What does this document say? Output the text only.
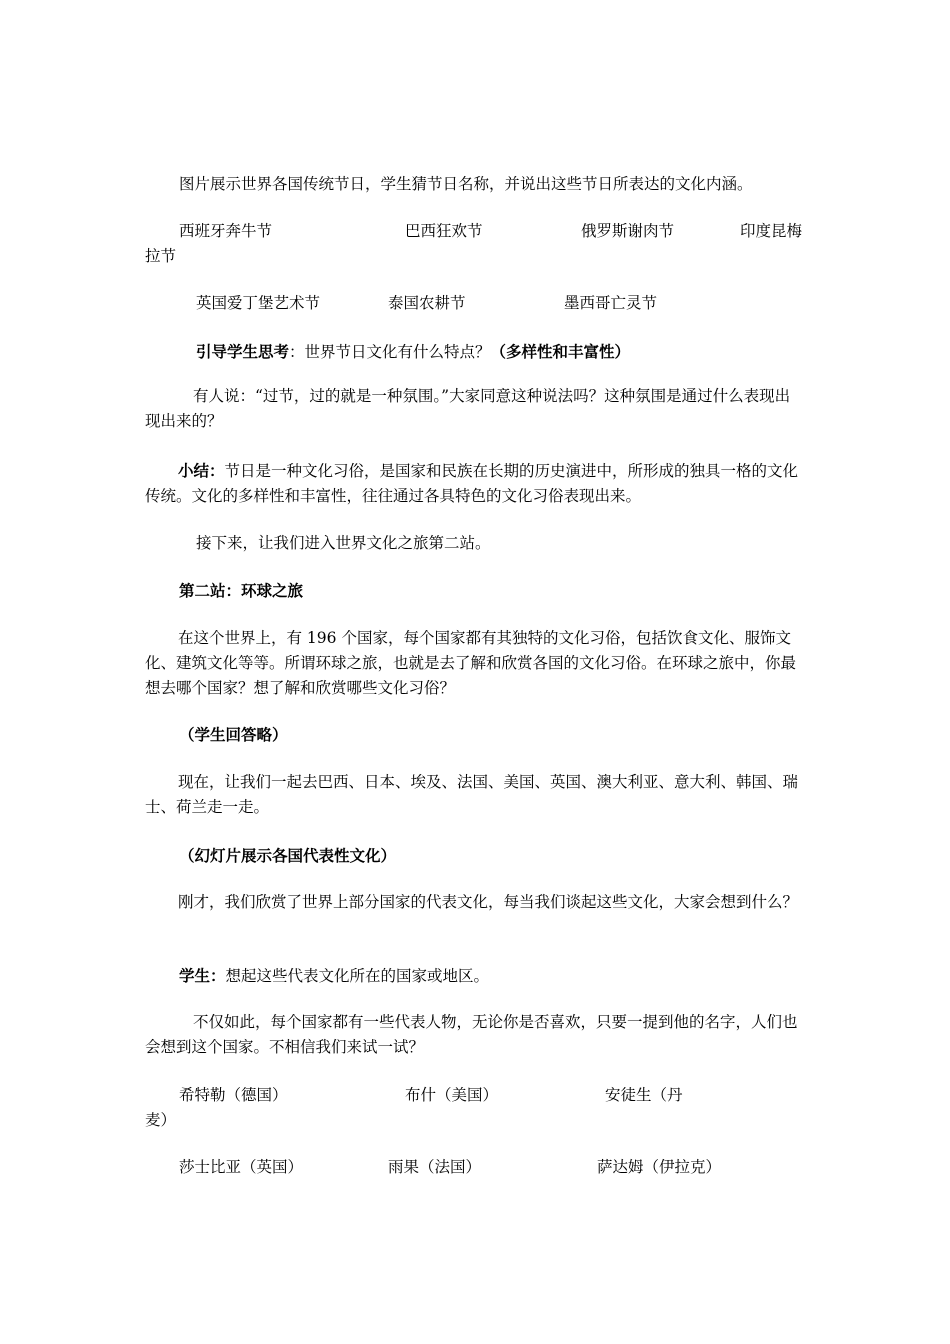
图片展示世界各国传统节日，学生猜节日名称，并说出这些节日所表达的文化内涵。
西班牙奔牛节	巴西狂欢节	俄罗斯谢肉节	印度昆梅
拉节
英国爱丁堡艺术节	泰国农耕节	墨西哥亡灵节
引导学生思考：世界节日文化有什么特点？（多样性和丰富性）
有人说：“过节，过的就是一种氛围。”大家同意这种说法吗？这种氛围是通过什么表现出现出来的？
小结：节日是一种文化习俗，是国家和民族在长期的历史演进中，所形成的独具一格的文化传统。文化的多样性和丰富性，往往通过各具特色的文化习俗表现出来。
接下来，让我们进入世界文化之旅第二站。
第二站：环球之旅
在这个世界上，有 196 个国家，每个国家都有其独特的文化习俗，包括饮食文化、服饰文化、建筑文化等等。所谓环球之旅，也就是去了解和欣赏各国的文化习俗。在环球之旅中，你最想去哪个国家？想了解和欣赏哪些文化习俗？
（学生回答略）
现在，让我们一起去巴西、日本、埃及、法国、美国、英国、澳大利亚、意大利、韩国、瑞士、荷兰走一走。
（幻灯片展示各国代表性文化）
刚才，我们欣赏了世界上部分国家的代表文化，每当我们谈起这些文化，大家会想到什么？
学生：想起这些代表文化所在的国家或地区。
不仅如此，每个国家都有一些代表人物，无论你是否喜欢，只要一提到他的名字，人们也会想到这个国家。不相信我们来试一试？
希特勒（德国）	布什（美国）	安徒生（丹
麦）
莎士比亚（英国）	雨果（法国）	萨达姆（伊拉克）
